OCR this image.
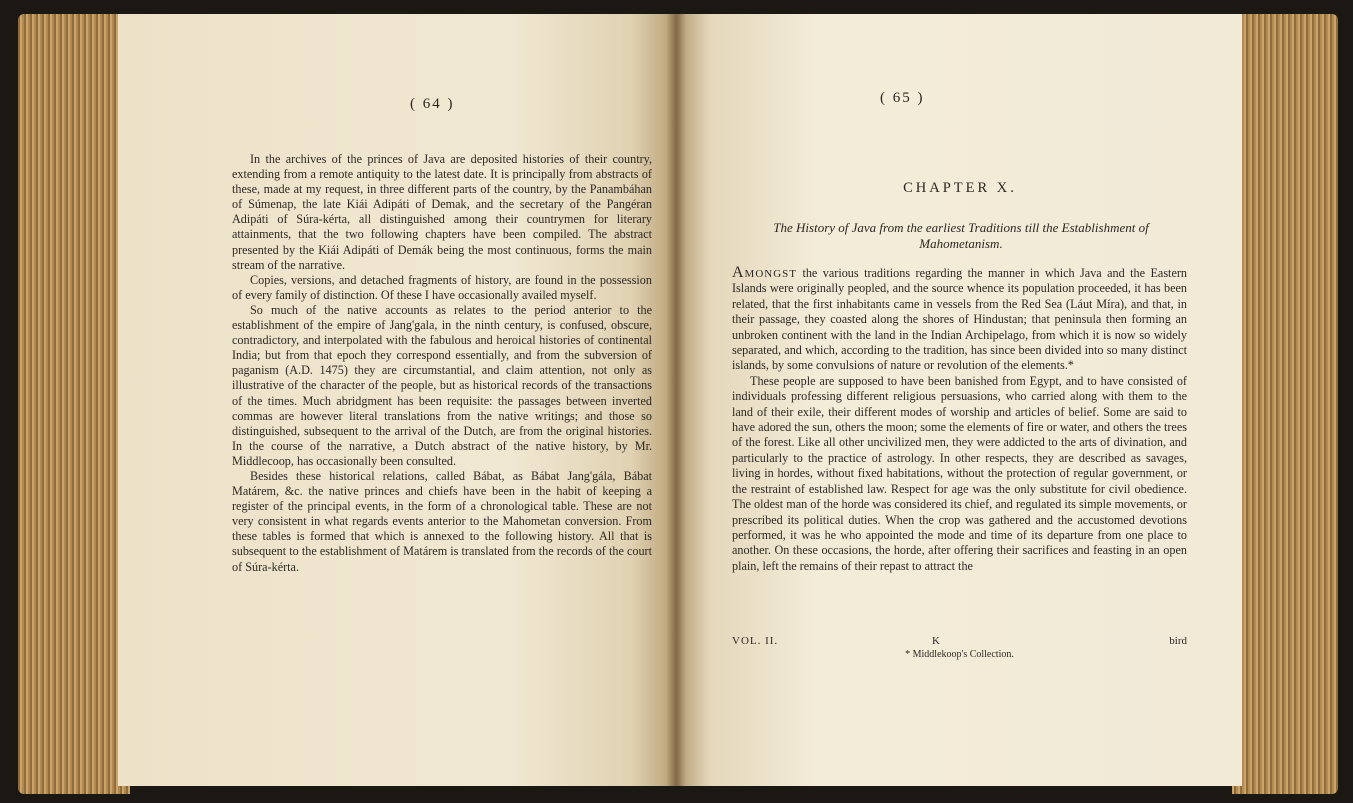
( 64 )

In the archives of the princes of Java are deposited histories of their country, extending from a remote antiquity to the latest date. It is principally from abstracts of these, made at my request, in three different parts of the country, by the Panambáhan of Súmenap, the late Kiái Adipáti of Demak, and the secretary of the Pangéran Adipáti of Súra-kérta, all distinguished among their countrymen for literary attainments, that the two following chapters have been compiled. The abstract presented by the Kiái Adipáti of Demák being the most continuous, forms the main stream of the narrative.

Copies, versions, and detached fragments of history, are found in the possession of every family of distinction. Of these I have occasionally availed myself.

So much of the native accounts as relates to the period anterior to the establishment of the empire of Jang'gala, in the ninth century, is confused, obscure, contradictory, and interpolated with the fabulous and heroical histories of continental India; but from that epoch they correspond essentially, and from the subversion of paganism (A.D. 1475) they are circumstantial, and claim attention, not only as illustrative of the character of the people, but as historical records of the transactions of the times. Much abridgment has been requisite: the passages between inverted commas are however literal translations from the native writings; and those so distinguished, subsequent to the arrival of the Dutch, are from the original histories. In the course of the narrative, a Dutch abstract of the native history, by Mr. Middlecoop, has occasionally been consulted.

Besides these historical relations, called Bábat, as Bábat Jang'gála, Bábat Matárem, &c. the native princes and chiefs have been in the habit of keeping a register of the principal events, in the form of a chronological table. These are not very consistent in what regards events anterior to the Mahometan conversion. From these tables is formed that which is annexed to the following history. All that is subsequent to the establishment of Matárem is translated from the records of the court of Súra-kérta.

( 65 )
CHAPTER X.
The History of Java from the earliest Traditions till the Establishment of Mahometanism.

Amongst the various traditions regarding the manner in which Java and the Eastern Islands were originally peopled, and the source whence its population proceeded, it has been related, that the first inhabitants came in vessels from the Red Sea (Láut Míra), and that, in their passage, they coasted along the shores of Hindustan; that peninsula then forming an unbroken continent with the land in the Indian Archipelago, from which it is now so widely separated, and which, according to the tradition, has since been divided into so many distinct islands, by some convulsions of nature or revolution of the elements.*

These people are supposed to have been banished from Egypt, and to have consisted of individuals professing different religious persuasions, who carried along with them to the land of their exile, their different modes of worship and articles of belief. Some are said to have adored the sun, others the moon; some the elements of fire or water, and others the trees of the forest. Like all other uncivilized men, they were addicted to the arts of divination, and particularly to the practice of astrology. In other respects, they are described as savages, living in hordes, without fixed habitations, without the protection of regular government, or the restraint of established law. Respect for age was the only substitute for civil obedience. The oldest man of the horde was considered its chief, and regulated its simple movements, or prescribed its political duties. When the crop was gathered and the accustomed devotions performed, it was he who appointed the mode and time of its departure from one place to another. On these occasions, the horde, after offering their sacrifices and feasting in an open plain, left the remains of their repast to attract the

VOL. II.	K	bird
* Middlekoop's Collection.
